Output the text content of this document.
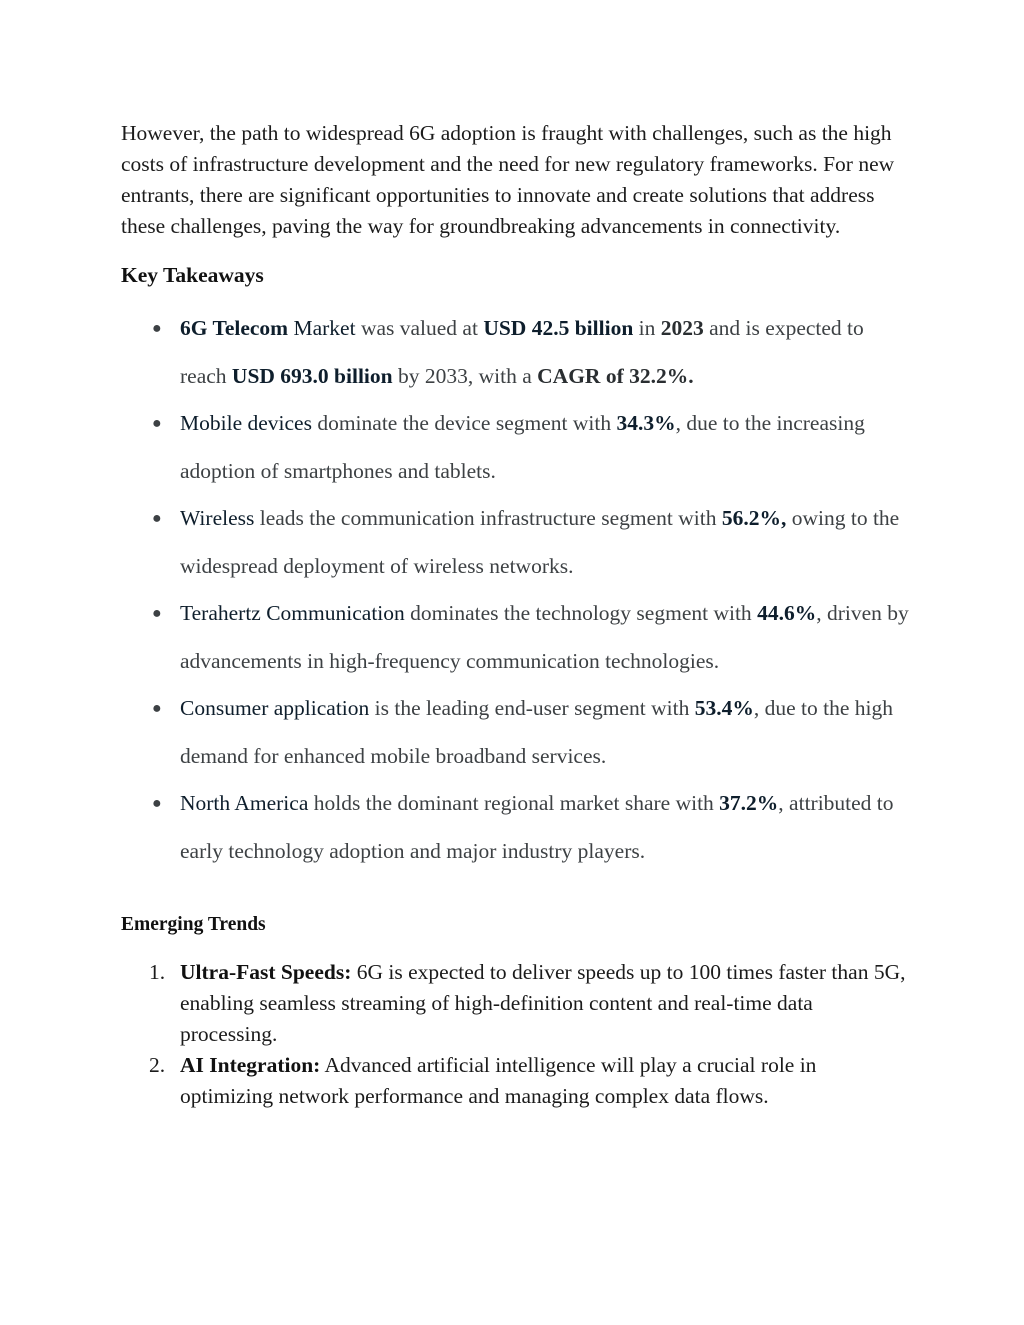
However, the path to widespread 6G adoption is fraught with challenges, such as the high costs of infrastructure development and the need for new regulatory frameworks. For new entrants, there are significant opportunities to innovate and create solutions that address these challenges, paving the way for groundbreaking advancements in connectivity.

Key Takeaways
● 6G Telecom Market was valued at USD 42.5 billion in 2023 and is expected to reach USD 693.0 billion by 2033, with a CAGR of 32.2%.
● Mobile devices dominate the device segment with 34.3%, due to the increasing adoption of smartphones and tablets.
● Wireless leads the communication infrastructure segment with 56.2%, owing to the widespread deployment of wireless networks.
● Terahertz Communication dominates the technology segment with 44.6%, driven by advancements in high-frequency communication technologies.
● Consumer application is the leading end-user segment with 53.4%, due to the high demand for enhanced mobile broadband services.
● North America holds the dominant regional market share with 37.2%, attributed to early technology adoption and major industry players.
Emerging Trends
1. Ultra-Fast Speeds: 6G is expected to deliver speeds up to 100 times faster than 5G, enabling seamless streaming of high-definition content and real-time data processing.
2. AI Integration: Advanced artificial intelligence will play a crucial role in optimizing network performance and managing complex data flows.
